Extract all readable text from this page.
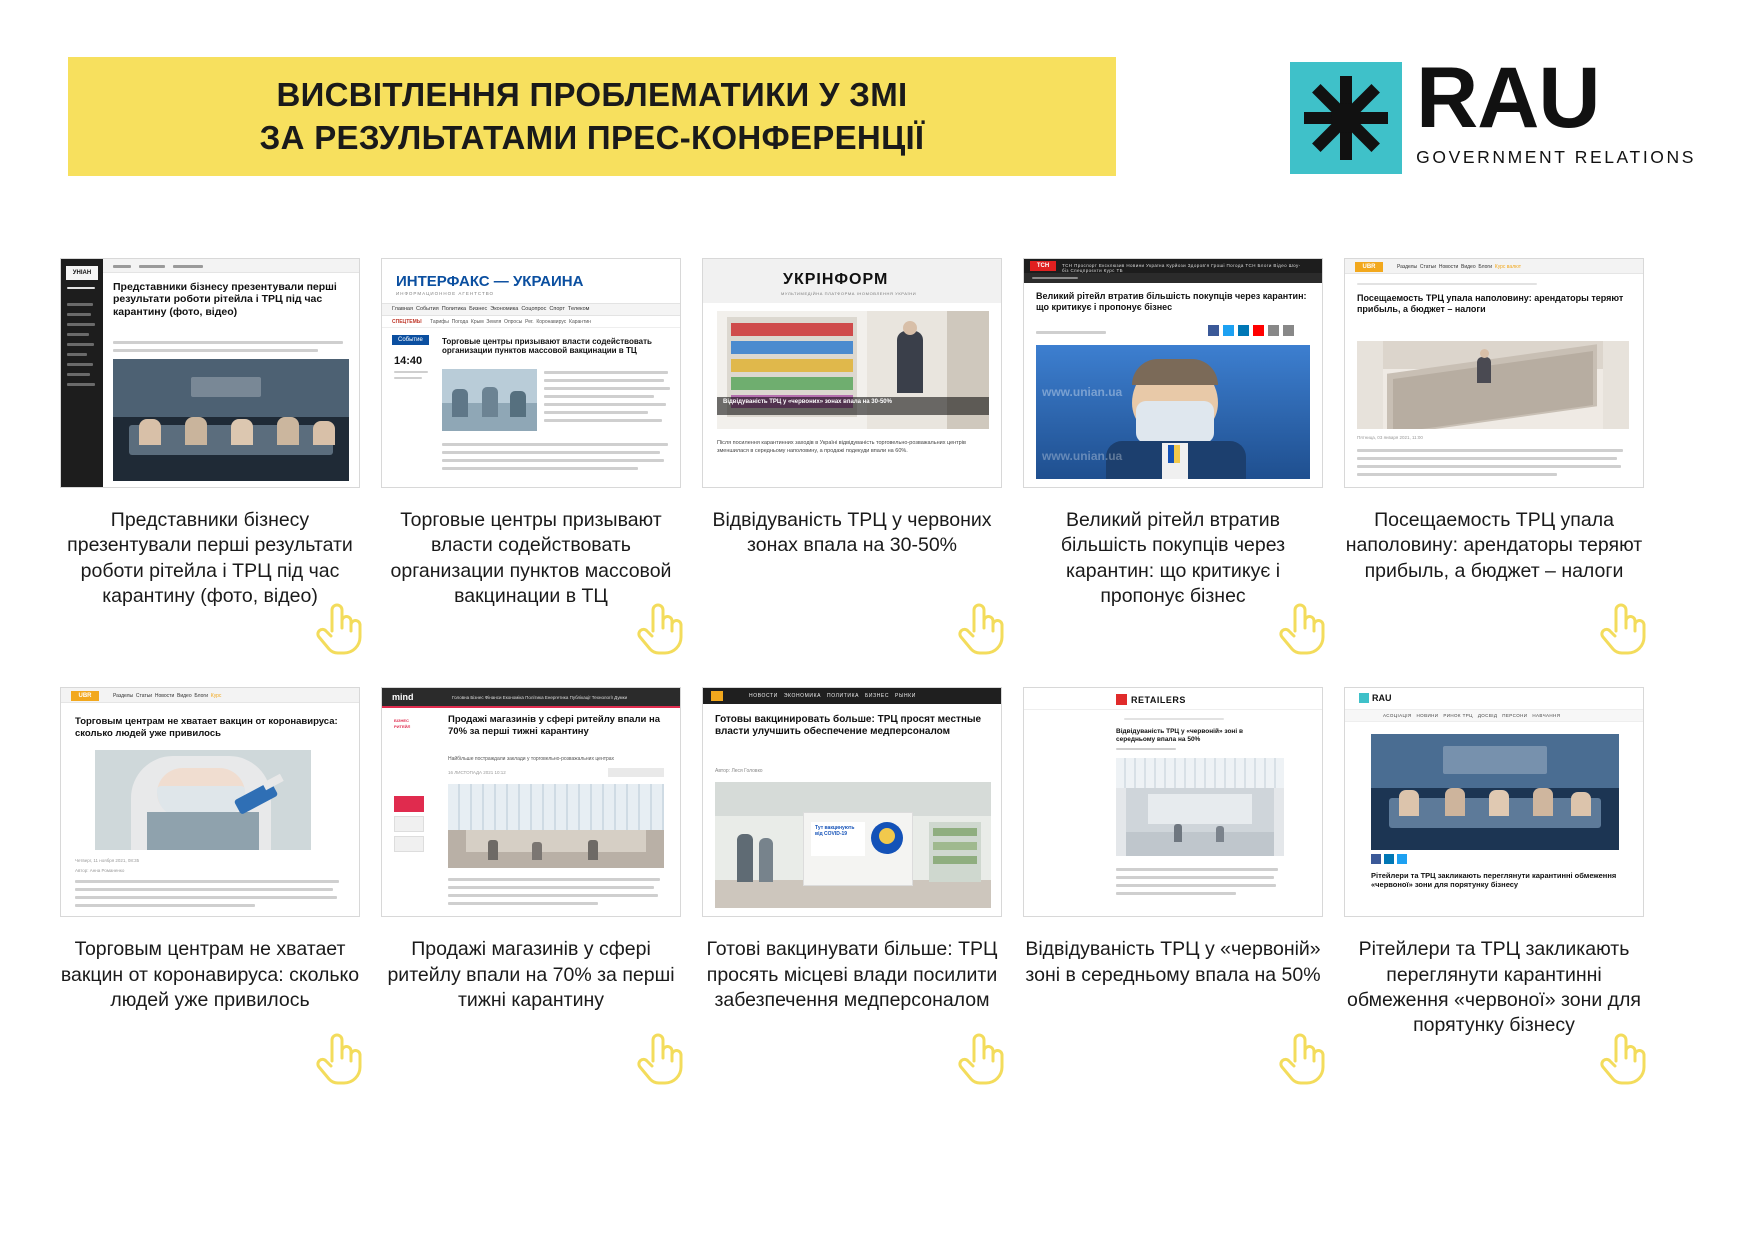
ВИСВІТЛЕННЯ ПРОБЛЕМАТИКИ У ЗМІ
ЗА РЕЗУЛЬТАТАМИ ПРЕС-КОНФЕРЕНЦІЇ	RAU
GOVERNMENT RELATIONS
УНІАН
Представники бізнесу презентували перші результати роботи рітейла і ТРЦ під час карантину (фото, відео)
Представники бізнесу презентували перші результати роботи рітейла і ТРЦ під час карантину (фото, відео)
ИНТЕРФАКС — УКРАИНА
ИНФОРМАЦИОННОЕ АГЕНТСТВО
Главная  События  Политика  Бизнес  Экономика  Соцопрос  Спорт  Телеком
СПЕЦТЕМЫ Тарифы  Погода  Крым  Земля  Опросы  Рег.  Коронавирус  Карантин
Событие
14:40
Торговые центры призывают власти содействовать организации пунктов массовой вакцинации в ТЦ
Торговые центры призывают власти содействовать организации пунктов массовой вакцинации в ТЦ
УКРІНФОРМ
МУЛЬТИМЕДІЙНА ПЛАТФОРМА ІНОМОВЛЕННЯ УКРАЇНИ
Відвідуваність ТРЦ у «червоних» зонах впала на 30-50%
Після посилення карантинних заходів в Україні відвідуваність торговельно-розважальних центрів зменшилася в середньому наполовину, а продажі подекуди впали на 60%.
Відвідуваність ТРЦ у червоних зонах впала на 30-50%
ТСН	ТСН Проспорт Ексклюзив Новини Україна Курйози Здоров'я Гроші Погода ТСН Блоги Відео Шоу-біз Спецпроєкти Курс ТБ
Великий рітейл втратив більшість покупців через карантин: що критикує і пропонує бізнес
www.unian.ua
www.unian.ua
Великий рітейл втратив більшість покупців через карантин: що критикує і пропонує бізнес
UBR	Разделы  Статьи  Новости  Видео  Блоги  Курс валют
Посещаемость ТРЦ упала наполовину: арендаторы теряют прибыль, а бюджет – налоги
Пятница, 03 января 2021, 11:00
Посещаемость ТРЦ упала наполовину: арендаторы теряют прибыль, а бюджет – налоги
UBR	Разделы  Статьи  Новости  Видео  Блоги  Курс
Торговым центрам не хватает вакцин от коронавируса: сколько людей уже привилось
Четверг, 11 ноября 2021, 08:35
Автор: Анна Романенко
Торговым центрам не хватает вакцин от коронавируса: сколько людей уже привилось
mind	Головна Бізнес Фінанси Економіка Політика Енергетика Публікації Технології Думки
БІЗНЕС
РИТЕЙЛ
Продажі магазинів у сфері ритейлу впали на 70% за перші тижні карантину
Найбільше постраждали заклади у торговельно-розважальних центрах
16 ЛИСТОПАДА 2021 10:12
Продажі магазинів у сфері ритейлу впали на 70% за перші тижні карантину
НОВОСТИ   ЭКОНОМИКА   ПОЛИТИКА   БИЗНЕС   РЫНКИ
Готовы вакцинировать больше: ТРЦ просят местные власти улучшить обеспечение медперсоналом
Автор: Леся Головко
Тут вакцинують від COVID-19
Готові вакцинувати більше: ТРЦ просять місцеві влади посилити забезпечення медперсоналом
RETAILERS
Відвідуваність ТРЦ у «червоній» зоні в середньому впала на 50%
Відвідуваність ТРЦ у «червоній» зоні в середньому впала на 50%
RAU
АСОЦІАЦІЯ   НОВИНИ   РИНОК ТРЦ   ДОСВІД   ПЕРСОНИ   НАВЧАННЯ
Рітейлери та ТРЦ закликають переглянути карантинні обмеження «червоної» зони для порятунку бізнесу
Рітейлери та ТРЦ закликають переглянути карантинні обмеження «червоної» зони для порятунку бізнесу
